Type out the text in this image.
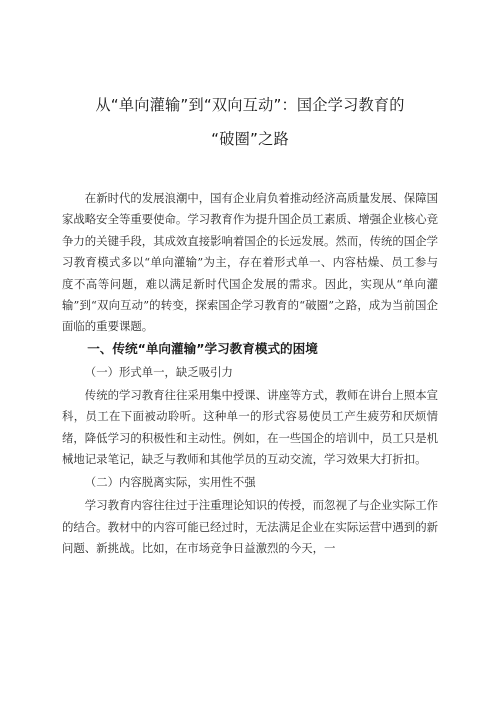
从“单向灌输”到“双向互动”：国企学习教育的
“破圈”之路

在新时代的发展浪潮中，国有企业肩负着推动经济高质量发展、保障国家战略安全等重要使命。学习教育作为提升国企员工素质、增强企业核心竞争力的关键手段，其成效直接影响着国企的长远发展。然而，传统的国企学习教育模式多以“单向灌输”为主，存在着形式单一、内容枯燥、员工参与度不高等问题，难以满足新时代国企发展的需求。因此，实现从“单向灌输”到“双向互动”的转变，探索国企学习教育的“破圈”之路，成为当前国企面临的重要课题。

一、传统“单向灌输”学习教育模式的困境
（一）形式单一，缺乏吸引力

传统的学习教育往往采用集中授课、讲座等方式，教师在讲台上照本宣科，员工在下面被动聆听。这种单一的形式容易使员工产生疲劳和厌烦情绪，降低学习的积极性和主动性。例如，在一些国企的培训中，员工只是机械地记录笔记，缺乏与教师和其他学员的互动交流，学习效果大打折扣。

（二）内容脱离实际，实用性不强

学习教育内容往往过于注重理论知识的传授，而忽视了与企业实际工作的结合。教材中的内容可能已经过时，无法满足企业在实际运营中遇到的新问题、新挑战。比如，在市场竞争日益激烈的今天，一
